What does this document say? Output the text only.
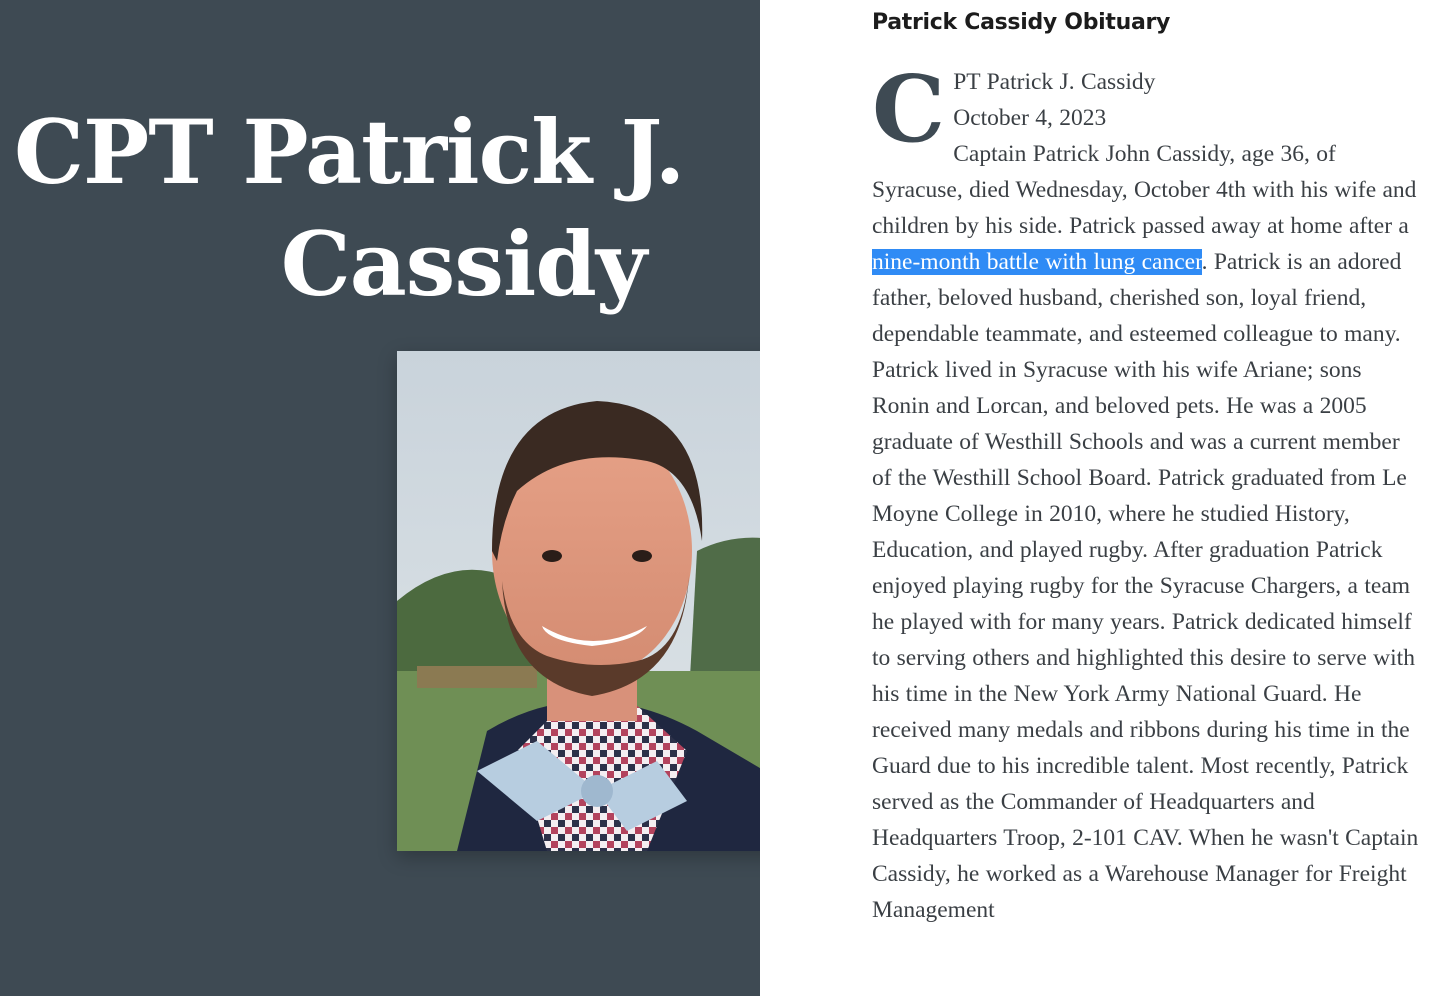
CPT Patrick J.
Cassidy
Patrick Cassidy Obituary
C PT Patrick J. Cassidy

October 4, 2023

Captain Patrick John Cassidy, age 36, of Syracuse, died Wednesday, October 4th with his wife and children by his side. Patrick passed away at home after a nine-month battle with lung cancer. Patrick is an adored father, beloved husband, cherished son, loyal friend, dependable teammate, and esteemed colleague to many.

Patrick lived in Syracuse with his wife Ariane; sons Ronin and Lorcan, and beloved pets. He was a 2005 graduate of Westhill Schools and was a current member of the Westhill School Board. Patrick graduated from Le Moyne College in 2010, where he studied History, Education, and played rugby. After graduation Patrick enjoyed playing rugby for the Syracuse Chargers, a team he played with for many years. Patrick dedicated himself to serving others and highlighted this desire to serve with his time in the New York Army National Guard. He received many medals and ribbons during his time in the Guard due to his incredible talent. Most recently, Patrick served as the Commander of Headquarters and Headquarters Troop, 2-101 CAV. When he wasn't Captain Cassidy, he worked as a Warehouse Manager for Freight Management
